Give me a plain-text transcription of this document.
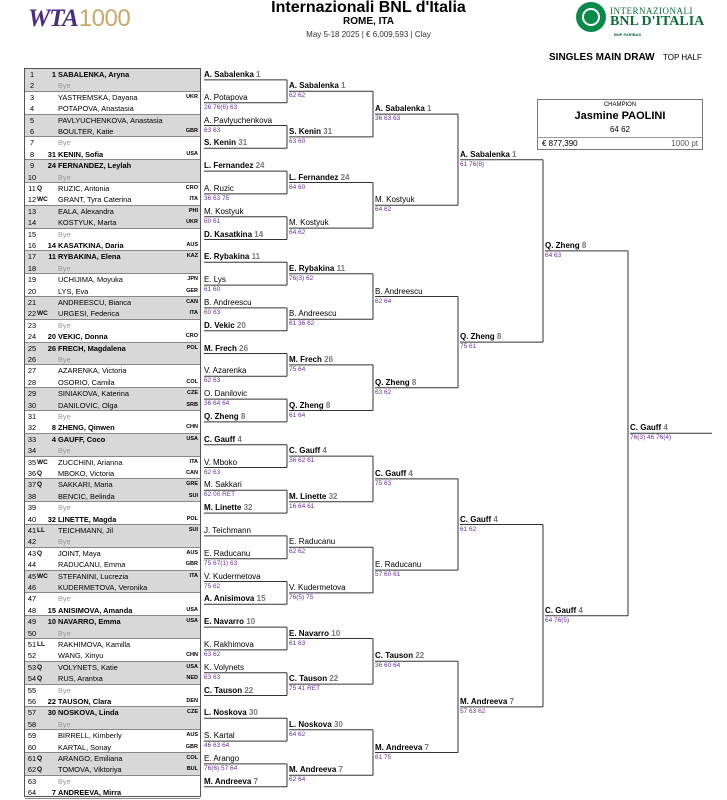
WTA 1000	Internazionali BNL d'Italia
ROME, ITA
May 5-18 2025 | € 6,009,593 | Clay
INTERNAZIONALI
BNL D'ITALIA
BNP PARIBAS
SINGLES MAIN DRAW TOP HALF
CHAMPION
Jasmine PAOLINI
64 62
€ 877,390	1000 pt
1	1 SABALENKA, Aryna
2	Bye
3	YASTREMSKA, Dayana	UKR
4	POTAPOVA, Anastasia
5	PAVLYUCHENKOVA, Anastasia
6	BOULTER, Katie	GBR
7	Bye
8	31 KENIN, Sofia	USA
9	24 FERNANDEZ, Leylah
10	Bye
11 Q	RUZIC, Antonia	CRO
12 WC GRANT, Tyra Caterina	ITA
13	EALA, Alexandra	PHI
14	KOSTYUK, Marta	UKR
15	Bye
16 14 KASATKINA, Daria	AUS
17 11 RYBAKINA, Elena	KAZ
18	Bye
19	UCHIJIMA, Moyuka	JPN
20	LYS, Eva	GER
21	ANDREESCU, Bianca	CAN
22 WC URGESI, Federica	ITA
23	Bye
24 20 VEKIC, Donna	CRO
25 26 FRECH, Magdalena	POL
26	Bye
27	AZARENKA, Victoria
28	OSORIO, Camila	COL
29	SINIAKOVA, Katerina	CZE
30	DANILOVIC, Olga	SRB
31	Bye
32	8 ZHENG, Qinwen	CHN
33	4 GAUFF, Coco	USA
34	Bye
35 WC ZUCCHINI, Arianna	ITA
36 Q	MBOKO, Victoria	CAN
37 Q	SAKKARI, Maria	GRE
38	BENCIC, Belinda	SUI
39	Bye
40 32 LINETTE, Magda	POL
41 LL	TEICHMANN, Jil	SUI
42	Bye
43 Q	JOINT, Maya	AUS
44	RADUCANU, Emma	GBR
45 WC STEFANINI, Lucrezia	ITA
46	KUDERMETOVA, Veronika
47	Bye
48 15 ANISIMOVA, Amanda	USA
49 10 NAVARRO, Emma	USA
50	Bye
51 LL	RAKHIMOVA, Kamilla
52	WANG, Xinyu	CHN
53 Q	VOLYNETS, Katie	USA
54 Q	RUS, Arantxa	NED
55	Bye
56 22 TAUSON, Clara	DEN
57 30 NOSKOVA, Linda	CZE
58	Bye
59	BIRRELL, Kimberly	AUS
60	KARTAL, Sonay	GBR
61 Q	ARANGO, Emiliana	COL
62 Q	TOMOVA, Viktoriya	BUL
63	Bye
64	7 ANDREEVA, Mirra
A. Sabalenka 1
A. Potapova
26 76(6) 63
A. Pavlyuchenkova
63 63
S. Kenin 31
L. Fernandez 24
A. Ruzic
36 63 75
M. Kostyuk
60 61
D. Kasatkina 14
E. Rybakina 11
E. Lys
61 60
B. Andreescu
60 63
D. Vekic 20
M. Frech 26
V. Azarenka
62 63
O. Danilovic
36 64 64
Q. Zheng 8
C. Gauff 4
V. Mboko
62 63
M. Sakkari
62 00 RET
M. Linette 32
J. Teichmann
E. Raducanu
75 67(1) 63
V. Kudermetova
75 62
A. Anisimova 15
E. Navarro 10
K. Rakhimova
63 62
K. Volynets
63 63
C. Tauson 22
L. Noskova 30
S. Kartal
46 63 64
E. Arango
76(6) 57 64
M. Andreeva 7
A. Sabalenka 1
62 62
S. Kenin 31
63 60
L. Fernandez 24
64 60
M. Kostyuk
64 62
E. Rybakina 11
76(3) 62
B. Andreescu
61 36 62
M. Frech 26
75 64
Q. Zheng 8
61 64
C. Gauff 4
36 62 61
M. Linette 32
16 64 61
E. Raducanu
62 62
V. Kudermetova
76(5) 75
E. Navarro 10
61 63
C. Tauson 22
75 41 RET
L. Noskova 30
64 62
M. Andreeva 7
62 64
A. Sabalenka 1
36 63 63
M. Kostyuk
64 62
B. Andreescu
62 64
Q. Zheng 8
63 62
C. Gauff 4
75 63
E. Raducanu
57 60 61
C. Tauson 22
36 60 64
M. Andreeva 7
61 75
A. Sabalenka 1
61 76(8)
Q. Zheng 8
75 61
C. Gauff 4
61 62
M. Andreeva 7
57 63 62
Q. Zheng 8
64 63
C. Gauff 4
64 76(5)
C. Gauff 4
76(3) 46 76(4)
